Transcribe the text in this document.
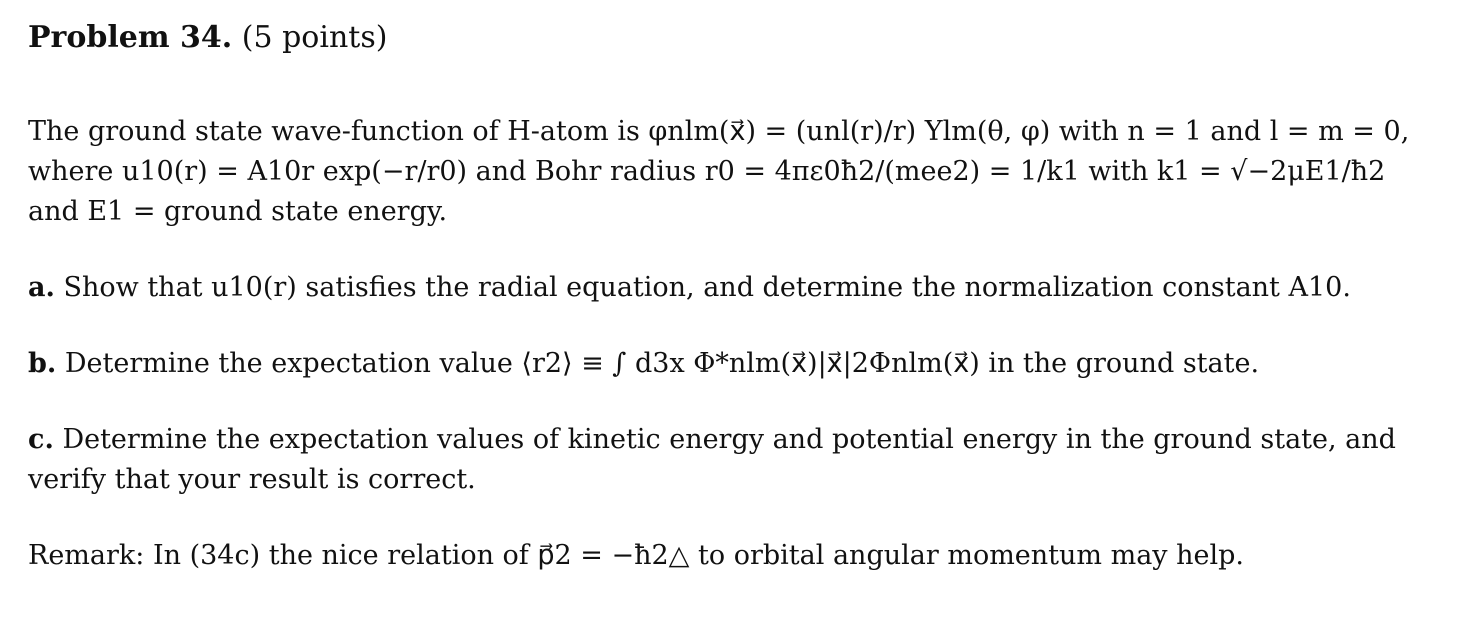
Problem 34. (5 points)

The ground state wave-function of H-atom is φnlm(x⃗) = (unl(r)/r) Ylm(θ, φ) with n = 1 and l = m = 0,
where u10(r) = A10r exp(−r/r0) and Bohr radius r0 = 4πε0ħ2/(mee2) = 1/k1 with k1 = √−2μE1/ħ2
and E1 = ground state energy.

a. Show that u10(r) satisfies the radial equation, and determine the normalization constant A10.

b. Determine the expectation value ⟨r2⟩ ≡ ∫ d3x Φ*nlm(x⃗)|x⃗|2Φnlm(x⃗) in the ground state.

c. Determine the expectation values of kinetic energy and potential energy in the ground state, and
verify that your result is correct.

Remark: In (34c) the nice relation of p⃗2 = −ħ2△ to orbital angular momentum may help.
